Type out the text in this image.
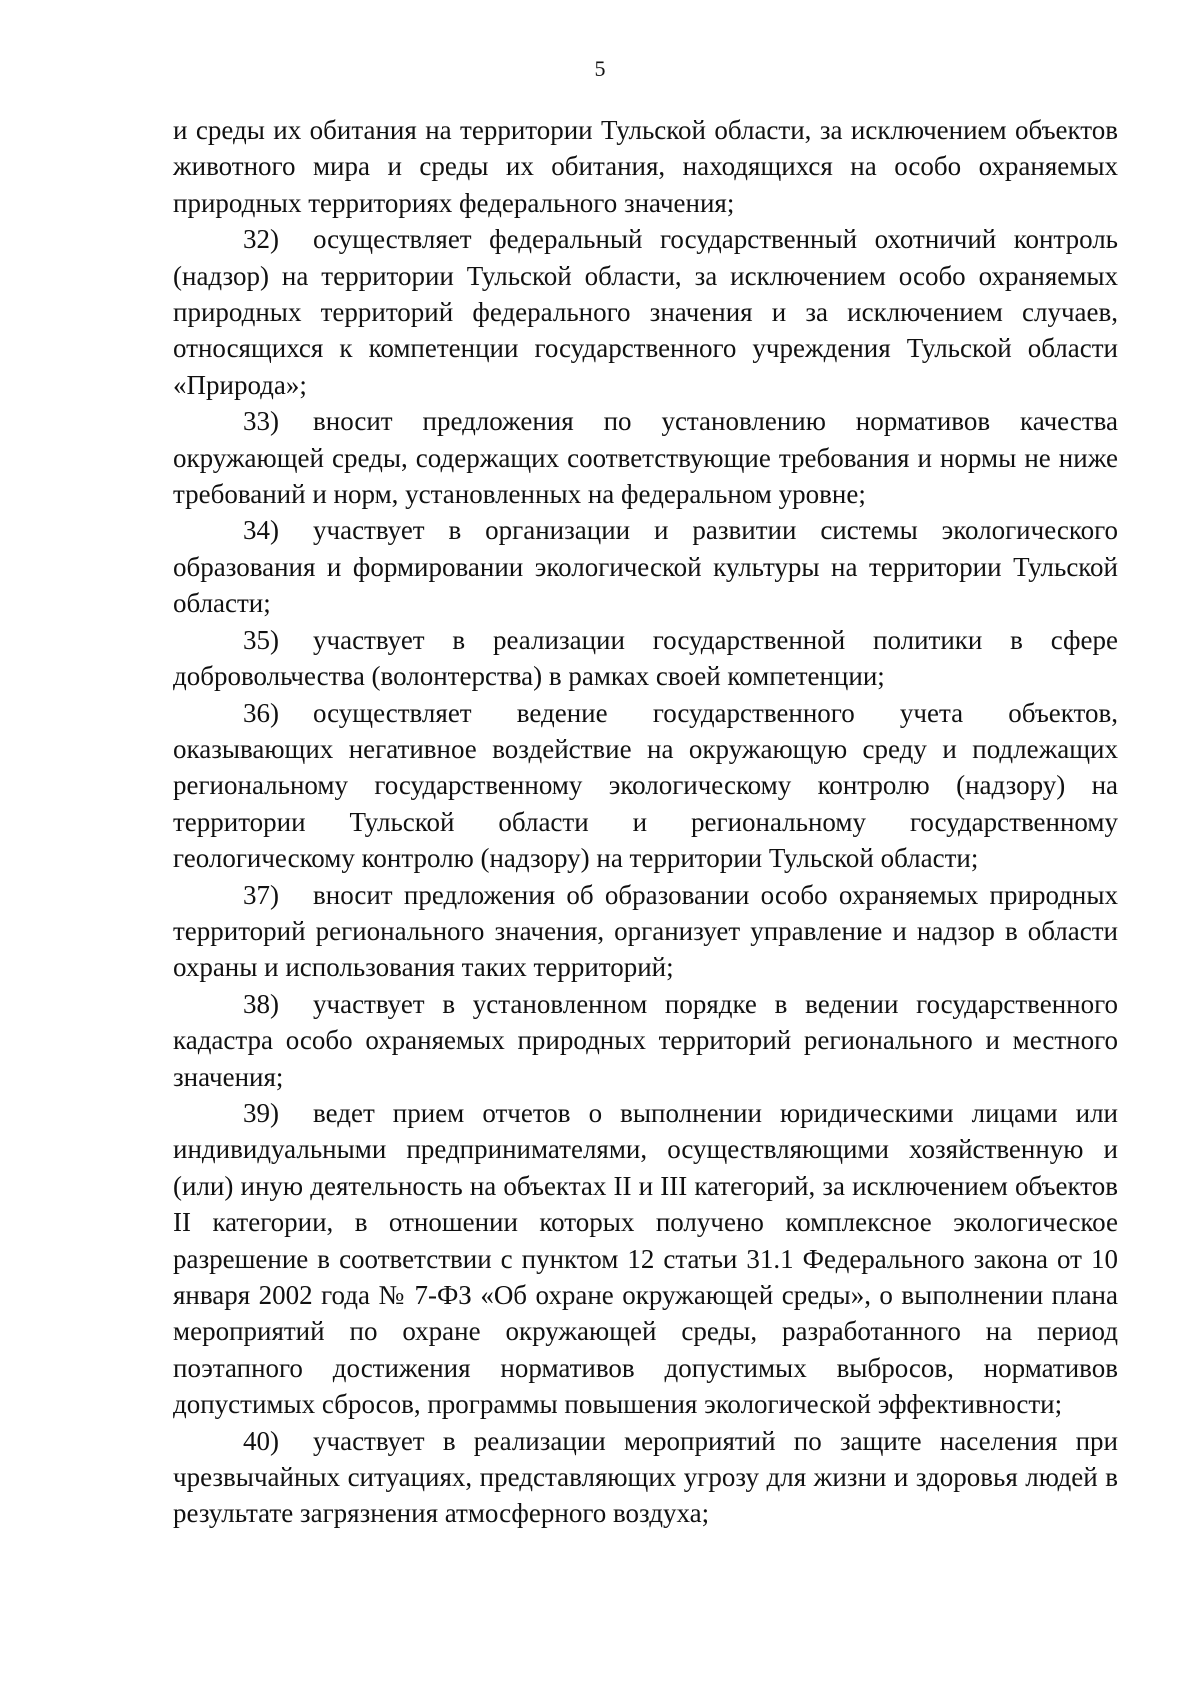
5

и среды их обитания на территории Тульской области, за исключением объектов животного мира и среды их обитания, находящихся на особо охраняемых природных территориях федерального значения;

32) осуществляет федеральный государственный охотничий контроль (надзор) на территории Тульской области, за исключением особо охраняемых природных территорий федерального значения и за исключением случаев, относящихся к компетенции государственного учреждения Тульской области «Природа»;

33) вносит предложения по установлению нормативов качества окружающей среды, содержащих соответствующие требования и нормы не ниже требований и норм, установленных на федеральном уровне;

34) участвует в организации и развитии системы экологического образования и формировании экологической культуры на территории Тульской области;

35) участвует в реализации государственной политики в сфере добровольчества (волонтерства) в рамках своей компетенции;

36) осуществляет ведение государственного учета объектов, оказывающих негативное воздействие на окружающую среду и подлежащих региональному государственному экологическому контролю (надзору) на территории Тульской области и региональному государственному геологическому контролю (надзору) на территории Тульской области;

37) вносит предложения об образовании особо охраняемых природных территорий регионального значения, организует управление и надзор в области охраны и использования таких территорий;

38) участвует в установленном порядке в ведении государственного кадастра особо охраняемых природных территорий регионального и местного значения;

39) ведет прием отчетов о выполнении юридическими лицами или индивидуальными предпринимателями, осуществляющими хозяйственную и (или) иную деятельность на объектах II и III категорий, за исключением объектов II категории, в отношении которых получено комплексное экологическое разрешение в соответствии с пунктом 12 статьи 31.1 Федерального закона от 10 января 2002 года № 7-ФЗ «Об охране окружающей среды», о выполнении плана мероприятий по охране окружающей среды, разработанного на период поэтапного достижения нормативов допустимых выбросов, нормативов допустимых сбросов, программы повышения экологической эффективности;

40) участвует в реализации мероприятий по защите населения при чрезвычайных ситуациях, представляющих угрозу для жизни и здоровья людей в результате загрязнения атмосферного воздуха;
